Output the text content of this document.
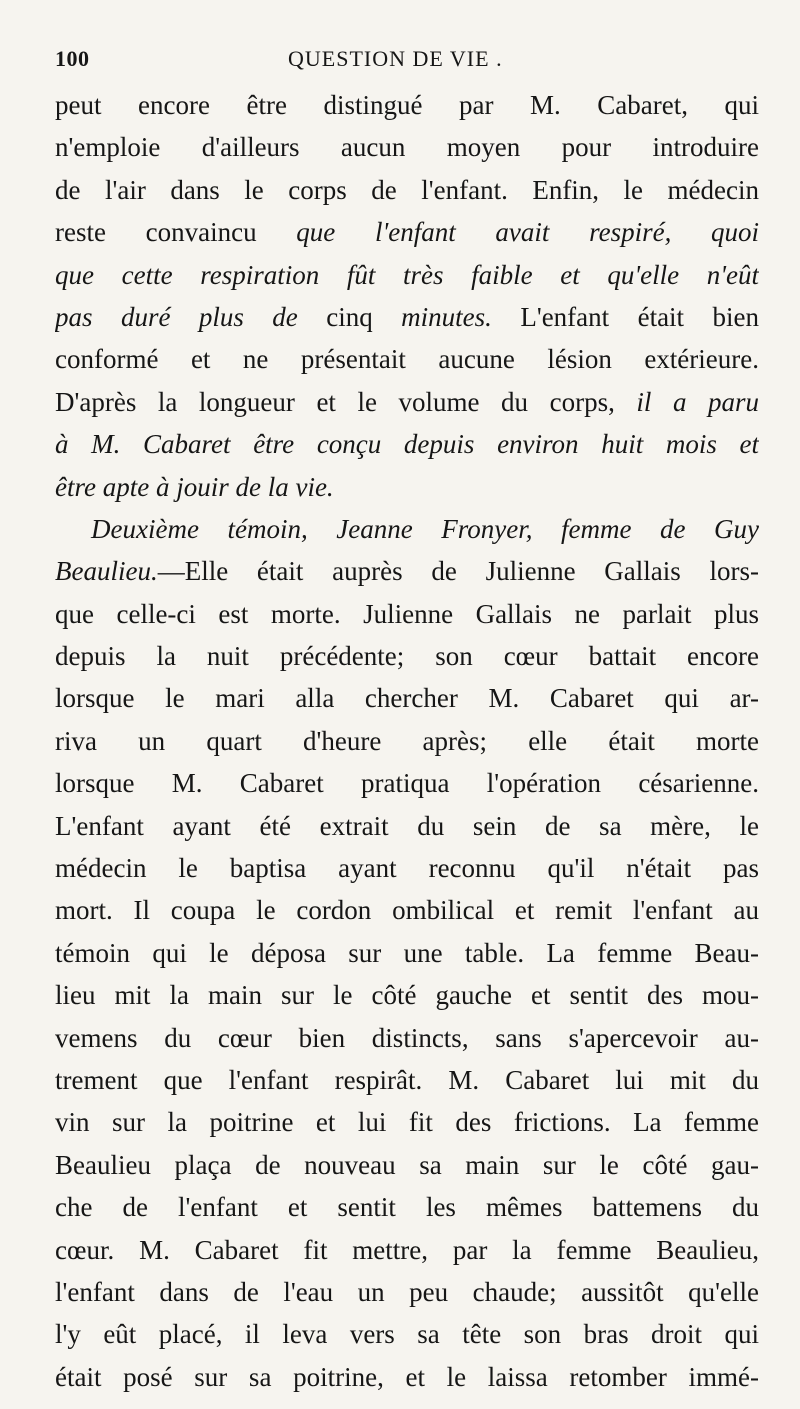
100	QUESTION DE VIE .
peut encore être distingué par M. Cabaret, qui
n'emploie d'ailleurs aucun moyen pour introduire
de l'air dans le corps de l'enfant. Enfin, le médecin
reste convaincu que l'enfant avait respiré, quoi
que cette respiration fût très faible et qu'elle n'eût
pas duré plus de cinq minutes. L'enfant était bien
conformé et ne présentait aucune lésion extérieure.
D'après la longueur et le volume du corps, il a paru
à M. Cabaret être conçu depuis environ huit mois et
être apte à jouir de la vie.
Deuxième témoin, Jeanne Fronyer, femme de Guy
Beaulieu.—Elle était auprès de Julienne Gallais lors-
que celle-ci est morte. Julienne Gallais ne parlait plus
depuis la nuit précédente; son cœur battait encore
lorsque le mari alla chercher M. Cabaret qui ar-
riva un quart d'heure après; elle était morte
lorsque M. Cabaret pratiqua l'opération césarienne.
L'enfant ayant été extrait du sein de sa mère, le
médecin le baptisa ayant reconnu qu'il n'était pas
mort. Il coupa le cordon ombilical et remit l'enfant au
témoin qui le déposa sur une table. La femme Beau-
lieu mit la main sur le côté gauche et sentit des mou-
vemens du cœur bien distincts, sans s'apercevoir au-
trement que l'enfant respirât. M. Cabaret lui mit du
vin sur la poitrine et lui fit des frictions. La femme
Beaulieu plaça de nouveau sa main sur le côté gau-
che de l'enfant et sentit les mêmes battemens du
cœur. M. Cabaret fit mettre, par la femme Beaulieu,
l'enfant dans de l'eau un peu chaude; aussitôt qu'elle
l'y eût placé, il leva vers sa tête son bras droit qui
était posé sur sa poitrine, et le laissa retomber immé-
